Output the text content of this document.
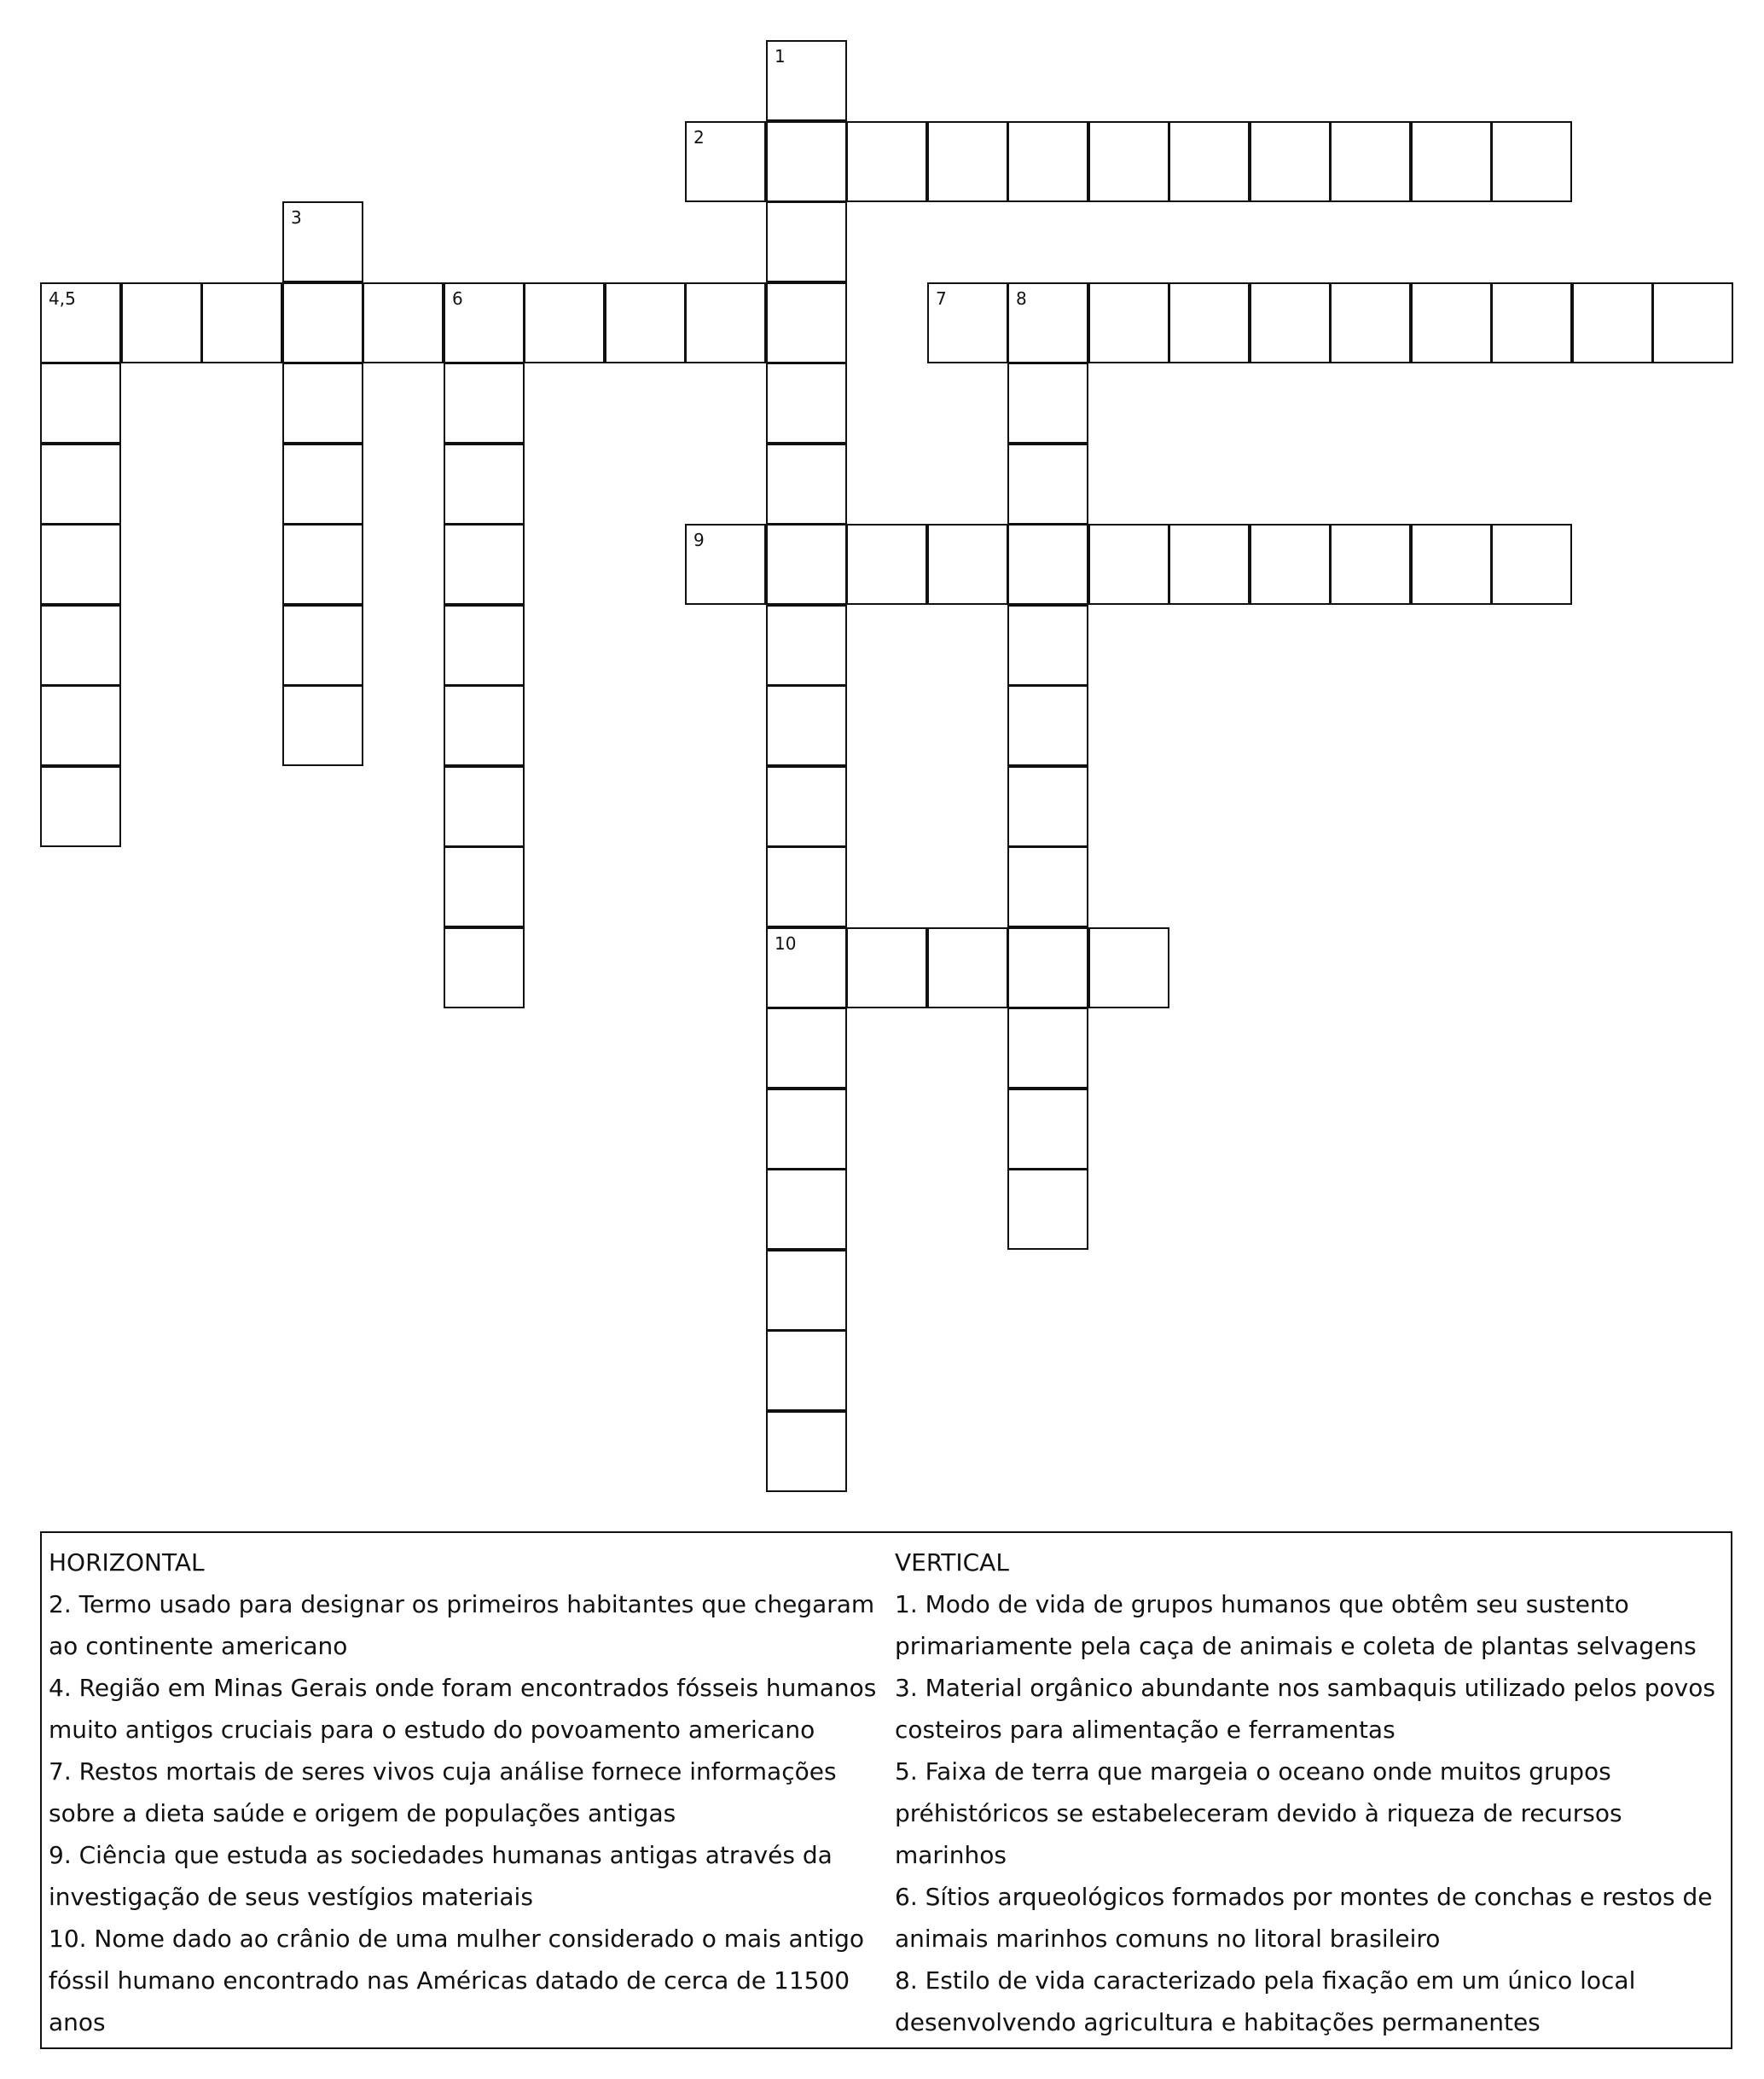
1
2
3
4,5	6	7	8
9
10

HORIZONTAL

2. Termo usado para designar os primeiros habitantes que chegaram ao continente americano

4. Região em Minas Gerais onde foram encontrados fósseis humanos muito antigos cruciais para o estudo do povoamento americano

7. Restos mortais de seres vivos cuja análise fornece informações sobre a dieta saúde e origem de populações antigas

9. Ciência que estuda as sociedades humanas antigas através da investigação de seus vestígios materiais

10. Nome dado ao crânio de uma mulher considerado o mais antigo fóssil humano encontrado nas Américas datado de cerca de 11500 anos

VERTICAL

1. Modo de vida de grupos humanos que obtêm seu sustento primariamente pela caça de animais e coleta de plantas selvagens

3. Material orgânico abundante nos sambaquis utilizado pelos povos costeiros para alimentação e ferramentas

5. Faixa de terra que margeia o oceano onde muitos grupos préhistóricos se estabeleceram devido à riqueza de recursos marinhos

6. Sítios arqueológicos formados por montes de conchas e restos de animais marinhos comuns no litoral brasileiro

8. Estilo de vida caracterizado pela fixação em um único local desenvolvendo agricultura e habitações permanentes
